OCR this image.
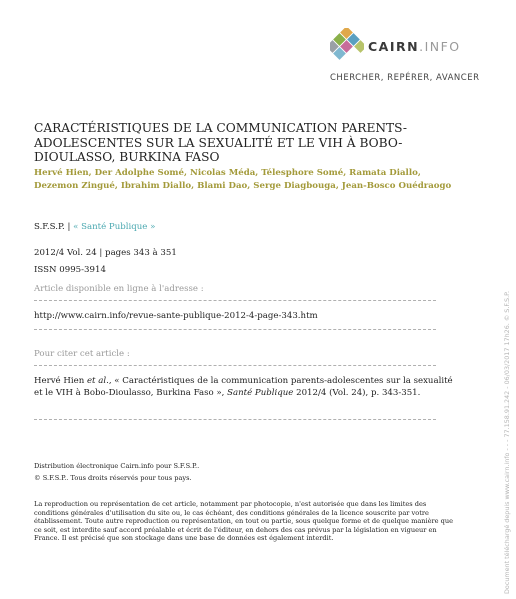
CAIRN.INFO
CHERCHER, REPÉRER, AVANCER
CARACTÉRISTIQUES DE LA COMMUNICATION PARENTS-ADOLESCENTES SUR LA SEXUALITÉ ET LE VIH À BOBO-DIOULASSO, BURKINA FASO
Hervé Hien , Der Adolphe Somé , Nicolas Méda , Télesphore Somé , Ramata Diallo, Dezemon Zingué , Ibrahim Diallo , Blami Dao , Serge Diagbouga , Jean-Bosco Ouédraogo
S.F.S.P. | « Santé Publique »
2012/4 Vol. 24 | pages 343 à 351
ISSN 0995-3914
Article disponible en ligne à l'adresse :
http://www.cairn.info/revue-sante-publique-2012-4-page-343.htm
Pour citer cet article :
Hervé Hien et al., « Caractéristiques de la communication parents-adolescentes sur la sexualité et le VIH à Bobo-Dioulasso, Burkina Faso », Santé Publique 2012/4 (Vol. 24), p. 343-351.
Distribution électronique Cairn.info pour S.F.S.P..
© S.F.S.P.. Tous droits réservés pour tous pays.
La reproduction ou représentation de cet article, notamment par photocopie, n'est autorisée que dans les limites des conditions générales d'utilisation du site ou, le cas échéant, des conditions générales de la licence souscrite par votre établissement. Toute autre reproduction ou représentation, en tout ou partie, sous quelque forme et de quelque manière que ce soit, est interdite sauf accord préalable et écrit de l'éditeur, en dehors des cas prévus par la législation en vigueur en France. Il est précisé que son stockage dans une base de données est également interdit.	Document téléchargé depuis www.cairn.info - - - 77.158.91.242 - 06/03/2017 17h26. © S.F.S.P.
